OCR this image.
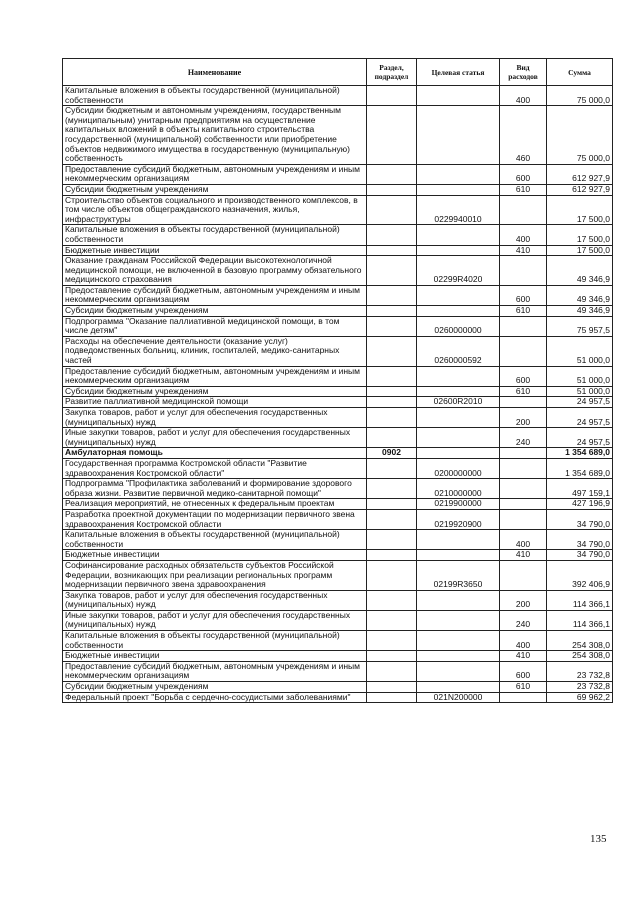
Наименование	Раздел, подраздел	Целевая статья	Вид расходов	Сумма
Капитальные вложения в объекты государственной (муниципальной) собственности			400	75 000,0
Субсидии бюджетным и автономным учреждениям, государственным (муниципальным) унитарным предприятиям на осуществление капитальных вложений в объекты капитального строительства государственной (муниципальной) собственности или приобретение объектов недвижимого имущества в государственную (муниципальную) собственность			460	75 000,0
Предоставление субсидий бюджетным, автономным учреждениям и иным некоммерческим организациям			600	612 927,9
Субсидии бюджетным учреждениям			610	612 927,9
Строительство объектов социального и производственного комплексов, в том числе объектов общегражданского назначения, жилья, инфраструктуры		0229940010		17 500,0
Капитальные вложения в объекты государственной (муниципальной) собственности			400	17 500,0
Бюджетные инвестиции			410	17 500,0
Оказание гражданам Российской Федерации высокотехнологичной медицинской помощи, не включенной в базовую программу обязательного медицинского страхования		02299R4020		49 346,9
Предоставление субсидий бюджетным, автономным учреждениям и иным некоммерческим организациям			600	49 346,9
Субсидии бюджетным учреждениям			610	49 346,9
Подпрограмма "Оказание паллиативной медицинской помощи, в том числе детям"		0260000000		75 957,5
Расходы на обеспечение деятельности (оказание услуг) подведомственных больниц, клиник, госпиталей, медико-санитарных частей		0260000592		51 000,0
Предоставление субсидий бюджетным, автономным учреждениям и иным некоммерческим организациям			600	51 000,0
Субсидии бюджетным учреждениям			610	51 000,0
Развитие паллиативной медицинской помощи		02600R2010		24 957,5
Закупка товаров, работ и услуг для обеспечения государственных (муниципальных) нужд			200	24 957,5
Иные закупки товаров, работ и услуг для обеспечения государственных (муниципальных) нужд			240	24 957,5
Амбулаторная помощь	0902			1 354 689,0
Государственная программа Костромской области "Развитие здравоохранения Костромской области"		0200000000		1 354 689,0
Подпрограмма "Профилактика заболеваний и формирование здорового образа жизни. Развитие первичной медико-санитарной помощи"		0210000000		497 159,1
Реализация мероприятий, не отнесенных к федеральным проектам		0219900000		427 196,9
Разработка проектной документации по модернизации первичного звена здравоохранения Костромской области		0219920900		34 790,0
Капитальные вложения в объекты государственной (муниципальной) собственности			400	34 790,0
Бюджетные инвестиции			410	34 790,0
Софинансирование расходных обязательств субъектов Российской Федерации, возникающих при реализации региональных программ модернизации первичного звена здравоохранения		02199R3650		392 406,9
Закупка товаров, работ и услуг для обеспечения государственных (муниципальных) нужд			200	114 366,1
Иные закупки товаров, работ и услуг для обеспечения государственных (муниципальных) нужд			240	114 366,1
Капитальные вложения в объекты государственной (муниципальной) собственности			400	254 308,0
Бюджетные инвестиции			410	254 308,0
Предоставление субсидий бюджетным, автономным учреждениям и иным некоммерческим организациям			600	23 732,8
Субсидии бюджетным учреждениям			610	23 732,8
Федеральный проект "Борьба с сердечно-сосудистыми заболеваниями"		021N200000		69 962,2
135
